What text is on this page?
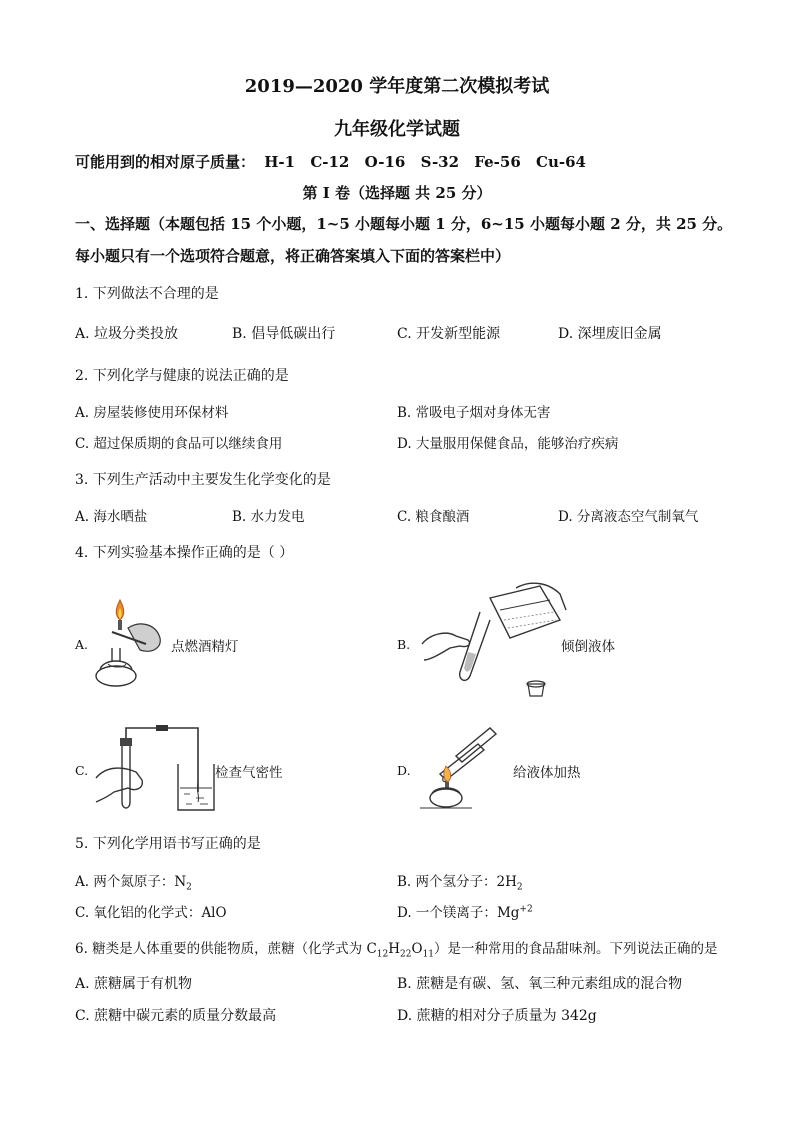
2019—2020 学年度第二次模拟考试
九年级化学试题
可能用到的相对原子质量： H-1 C-12 O-16 S-32 Fe-56 Cu-64
第 I 卷（选择题 共 25 分）
一、选择题（本题包括 15 个小题，1~5 小题每小题 1 分，6~15 小题每小题 2 分，共 25 分。
每小题只有一个选项符合题意，将正确答案填入下面的答案栏中）
1. 下列做法不合理的是
A. 垃圾分类投放	B. 倡导低碳出行	C. 开发新型能源	D. 深埋废旧金属
2. 下列化学与健康的说法正确的是
A. 房屋装修使用环保材料	B. 常吸电子烟对身体无害
C. 超过保质期的食品可以继续食用	D. 大量服用保健食品，能够治疗疾病
3. 下列生产活动中主要发生化学变化的是
A. 海水晒盐	B. 水力发电	C. 粮食酿酒	D. 分离液态空气制氧气
4. 下列实验基本操作正确的是（ ）
A.	点燃酒精灯	B.	倾倒液体
C.	检查气密性	D.	给液体加热
5. 下列化学用语书写正确的是
A. 两个氮原子：$N_2$	B. 两个氢分子：$2H_2$
C. 氧化铝的化学式：AlO	D. 一个镁离子：$Mg^{+2}$
6. 糖类是人体重要的供能物质，蔗糖（化学式为 $C_{12}H_{22}O_{11}$）是一种常用的食品甜味剂。下列说法正确的是
A. 蔗糖属于有机物	B. 蔗糖是有碳、氢、氧三种元素组成的混合物
C. 蔗糖中碳元素的质量分数最高	D. 蔗糖的相对分子质量为 342g
